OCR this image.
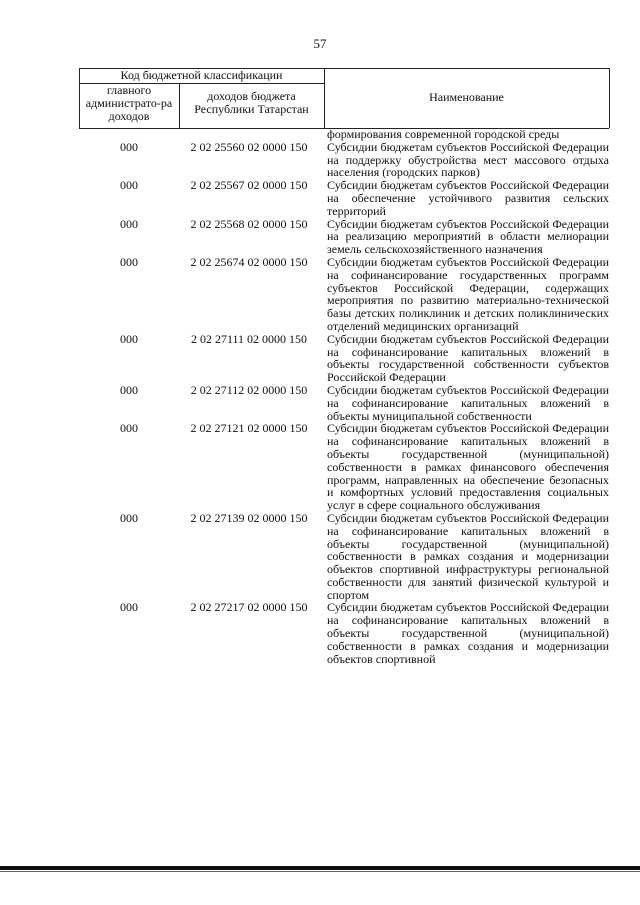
57
Код бюджетной классификации
главного администрато-ра доходов
доходов бюджета Республики Татарстан
Наименование
формирования современной городской среды
000	2 02 25560 02 0000 150	Субсидии бюджетам субъектов Российской Федерации на поддержку обустройства мест массового отдыха населения (городских парков)
000	2 02 25567 02 0000 150	Субсидии бюджетам субъектов Российской Федерации на обеспечение устойчивого развития сельских территорий
000	2 02 25568 02 0000 150	Субсидии бюджетам субъектов Российской Федерации на реализацию мероприятий в области мелиорации земель сельскохозяйственного назначения
000	2 02 25674 02 0000 150	Субсидии бюджетам субъектов Российской Федерации на софинансирование государственных программ субъектов Российской Федерации, содержащих мероприятия по развитию материально-технической базы детских поликлиник и детских поликлинических отделений медицинских организаций
000	2 02 27111 02 0000 150	Субсидии бюджетам субъектов Российской Федерации на софинансирование капитальных вложений в объекты государственной собственности субъектов Российской Федерации
000	2 02 27112 02 0000 150	Субсидии бюджетам субъектов Российской Федерации на софинансирование капитальных вложений в объекты муниципальной собственности
000	2 02 27121 02 0000 150	Субсидии бюджетам субъектов Российской Федерации на софинансирование капитальных вложений в объекты государственной (муниципальной) собственности в рамках финансового обеспечения программ, направленных на обеспечение безопасных и комфортных условий предоставления социальных услуг в сфере социального обслуживания
000	2 02 27139 02 0000 150	Субсидии бюджетам субъектов Российской Федерации на софинансирование капитальных вложений в объекты государственной (муниципальной) собственности в рамках создания и модернизации объектов спортивной инфраструктуры региональной собственности для занятий физической культурой и спортом
000	2 02 27217 02 0000 150	Субсидии бюджетам субъектов Российской Федерации на софинансирование капитальных вложений в объекты государственной (муниципальной) собственности в рамках создания и модернизации объектов спортивной
